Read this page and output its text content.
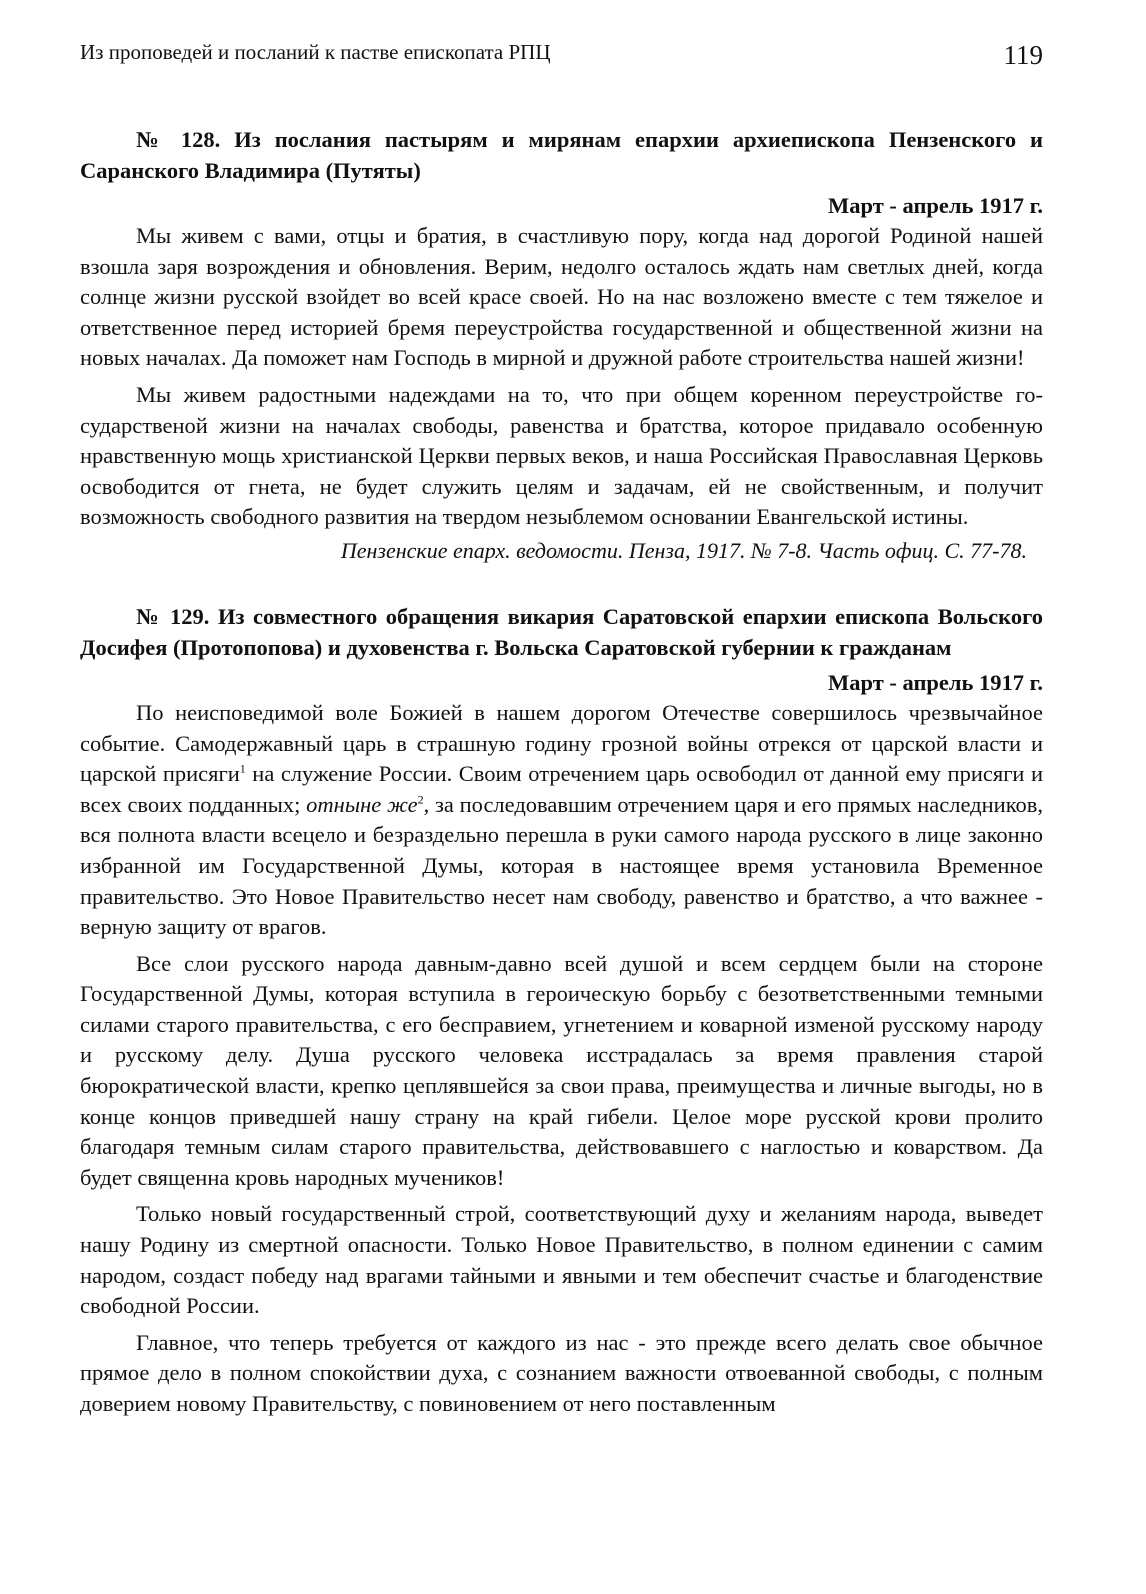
Из проповедей и посланий к пастве епископата РПЦ	119
№ 128. Из послания пастырям и мирянам епархии архиепископа Пензенского и Саранского Владимира (Путяты)
Март - апрель 1917 г.

Мы живем с вами, отцы и братия, в счастливую пору, когда над дорогой Родиной нашей взошла заря возрождения и обновления. Верим, недолго осталось ждать нам светлых дней, когда солнце жизни русской взойдет во всей красе своей. Но на нас возложено вместе с тем тяжелое и ответственное перед историей бремя переустройства государственной и общественной жизни на новых началах. Да поможет нам Господь в мирной и дружной работе строительства нашей жизни!

Мы живем радостными надеждами на то, что при общем коренном переустройстве го-сударственой жизни на началах свободы, равенства и братства, которое придавало особенную нравственную мощь христианской Церкви первых веков, и наша Российская Православная Церковь освободится от гнета, не будет служить целям и задачам, ей не свойственным, и получит возможность свободного развития на твердом незыблемом основании Евангельской истины.

Пензенские епарх. ведомости. Пенза, 1917. № 7-8. Часть офиц. С. 77-78.
№ 129. Из совместного обращения викария Саратовской епархии епископа Вольского Досифея (Протопопова) и духовенства г. Вольска Саратовской губернии к гражданам
Март - апрель 1917 г.

По неисповедимой воле Божией в нашем дорогом Отечестве совершилось чрезвычайное событие. Самодержавный царь в страшную годину грозной войны отрекся от царской власти и царской присяги$^1$ на служение России. Своим отречением царь освободил от данной ему присяги и всех своих подданных; отныне $же^2$, за последовавшим отречением царя и его прямых наследников, вся полнота власти всецело и безраздельно перешла в руки самого народа русского в лице законно избранной им Государственной Думы, которая в настоящее время установила Временное правительство. Это Новое Правительство несет нам свободу, равенство и братство, а что важнее - верную защиту от врагов.

Все слои русского народа давным-давно всей душой и всем сердцем были на стороне Государственной Думы, которая вступила в героическую борьбу с безответственными темными силами старого правительства, с его бесправием, угнетением и коварной изменой русскому народу и русскому делу. Душа русского человека исстрадалась за время правления старой бюрократической власти, крепко цеплявшейся за свои права, преимущества и личные выгоды, но в конце концов приведшей нашу страну на край гибели. Целое море русской крови пролито благодаря темным силам старого правительства, действовавшего с наглостью и коварством. Да будет священна кровь народных мучеников!

Только новый государственный строй, соответствующий духу и желаниям народа, выведет нашу Родину из смертной опасности. Только Новое Правительство, в полном единении с самим народом, создаст победу над врагами тайными и явными и тем обеспечит счастье и благоденствие свободной России.

Главное, что теперь требуется от каждого из нас - это прежде всего делать свое обычное прямое дело в полном спокойствии духа, с сознанием важности отвоеванной свободы, с полным доверием новому Правительству, с повиновением от него поставленным
